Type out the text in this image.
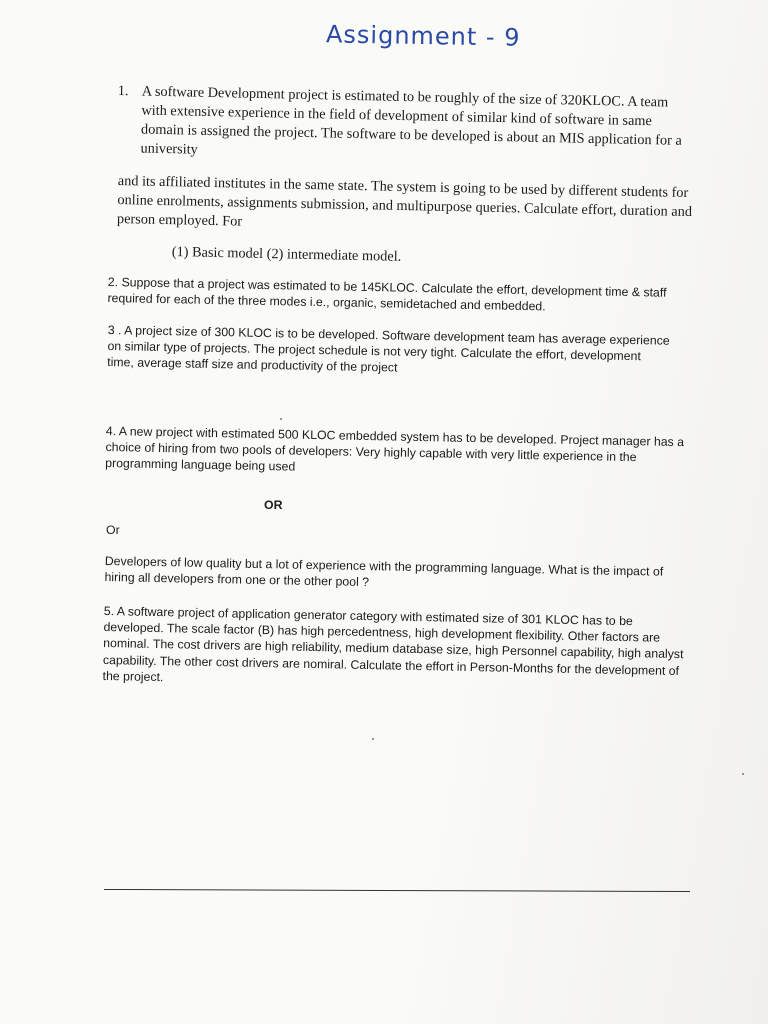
Assignment - 9
1. A software Development project is estimated to be roughly of the size of 320KLOC. A team with extensive experience in the field of development of similar kind of software in same domain is assigned the project. The software to be developed is about an MIS application for a university

and its affiliated institutes in the same state. The system is going to be used by different students for online enrolments, assignments submission, and multipurpose queries. Calculate effort, duration and person employed. For

(1) Basic model (2) intermediate model.

2. Suppose that a project was estimated to be 145KLOC. Calculate the effort, development time & staff required for each of the three modes i.e., organic, semidetached and embedded.

3 . A project size of 300 KLOC is to be developed. Software development team has average experience on similar type of projects. The project schedule is not very tight. Calculate the effort, development time, average staff size and productivity of the project

4. A new project with estimated 500 KLOC embedded system has to be developed. Project manager has a choice of hiring from two pools of developers: Very highly capable with very little experience in the programming language being used

OR

Or

Developers of low quality but a lot of experience with the programming language. What is the impact of hiring all developers from one or the other pool ?

5. A software project of application generator category with estimated size of 301 KLOC has to be developed. The scale factor (B) has high percedentness, high development flexibility. Other factors are nominal. The cost drivers are high reliability, medium database size, high Personnel capability, high analyst capability. The other cost drivers are nomiral. Calculate the effort in Person-Months for the development of the project.
